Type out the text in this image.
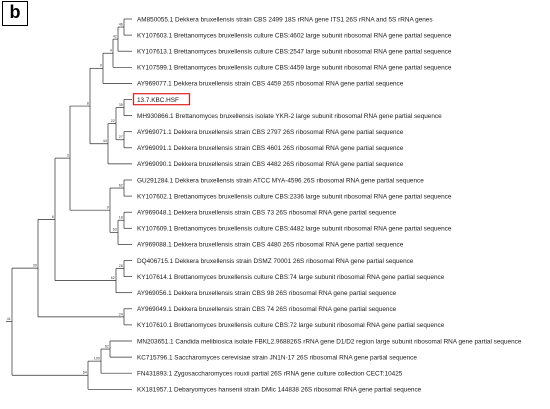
b
46
42
4
9
8	35
27
22
44
62
9
18
63
3
6
28
62
24
39
62
100
64
41
AM850055.1 Dekkera bruxellensis strain CBS 2499 18S rRNA gene ITS1 26S rRNA and 5S rRNA genes
KY107603.1 Brettanomyces bruxellensis culture CBS:4602 large subunit ribosomal RNA gene partial sequence
KY107613.1 Brettanomyces bruxellensis culture CBS:2547 large subunit ribosomal RNA gene partial sequence
KY107599.1 Brettanomyces bruxellensis culture CBS:4459 large subunit ribosomal RNA gene partial sequence
AY969077.1 Dekkera bruxellensis strain CBS 4459 26S ribosomal RNA gene partial sequence
13.7.KBC.HSF
MH930866.1 Brettanomyces bruxellensis isolate YKR-2 large subunit ribosomal RNA gene partial sequence
AY969071.1 Dekkera bruxellensis strain CBS 2797 26S ribosomal RNA gene partial sequence
AY969091.1 Dekkera bruxellensis strain CBS 4601 26S ribosomal RNA gene partial sequence
AY969090.1 Dekkera bruxellensis strain CBS 4482 26S ribosomal RNA gene partial sequence
GU291284.1 Dekkera bruxellensis strain ATCC MYA-4596 26S ribosomal RNA gene partial sequence
KY107602.1 Brettanomyces bruxellensis culture CBS:2336 large subunit ribosomal RNA gene partial sequence
AY969048.1 Dekkera bruxellensis strain CBS 73 26S ribosomal RNA gene partial sequence
KY107609.1 Brettanomyces bruxellensis culture CBS:4482 large subunit ribosomal RNA gene partial sequence
AY969088.1 Dekkera bruxellensis strain CBS 4480 26S ribosomal RNA gene partial sequence
DQ406715.1 Dekkera bruxellensis strain DSMZ 70001 26S ribosomal RNA gene partial sequence
KY107614.1 Brettanomyces bruxellensis culture CBS:74 large subunit ribosomal RNA gene partial sequence
AY969056.1 Dekkera bruxellensis strain CBS 98 26S ribosomal RNA gene partial sequence
AY969049.1 Dekkera bruxellensis strain CBS 74 26S ribosomal RNA gene partial sequence
KY107610.1 Brettanomyces bruxellensis culture CBS:72 large subunit ribosomal RNA gene partial sequence
MN203651.1 Candida melibiosica isolate FBKL2.968826S rRNA gene D1/D2 region large subunit ribosomal RNA gene partial sequence
KC715796.1 Saccharomyces cerevisiae strain JN1N-17 26S ribosomal RNA gene partial sequence
FN431893.1 Zygosaccharomyces rouxii partial 26S rRNA gene culture collection CECT:10425
KX181957.1 Debaryomyces hansenii strain DMic 144838 26S ribosomal RNA gene partial sequence
